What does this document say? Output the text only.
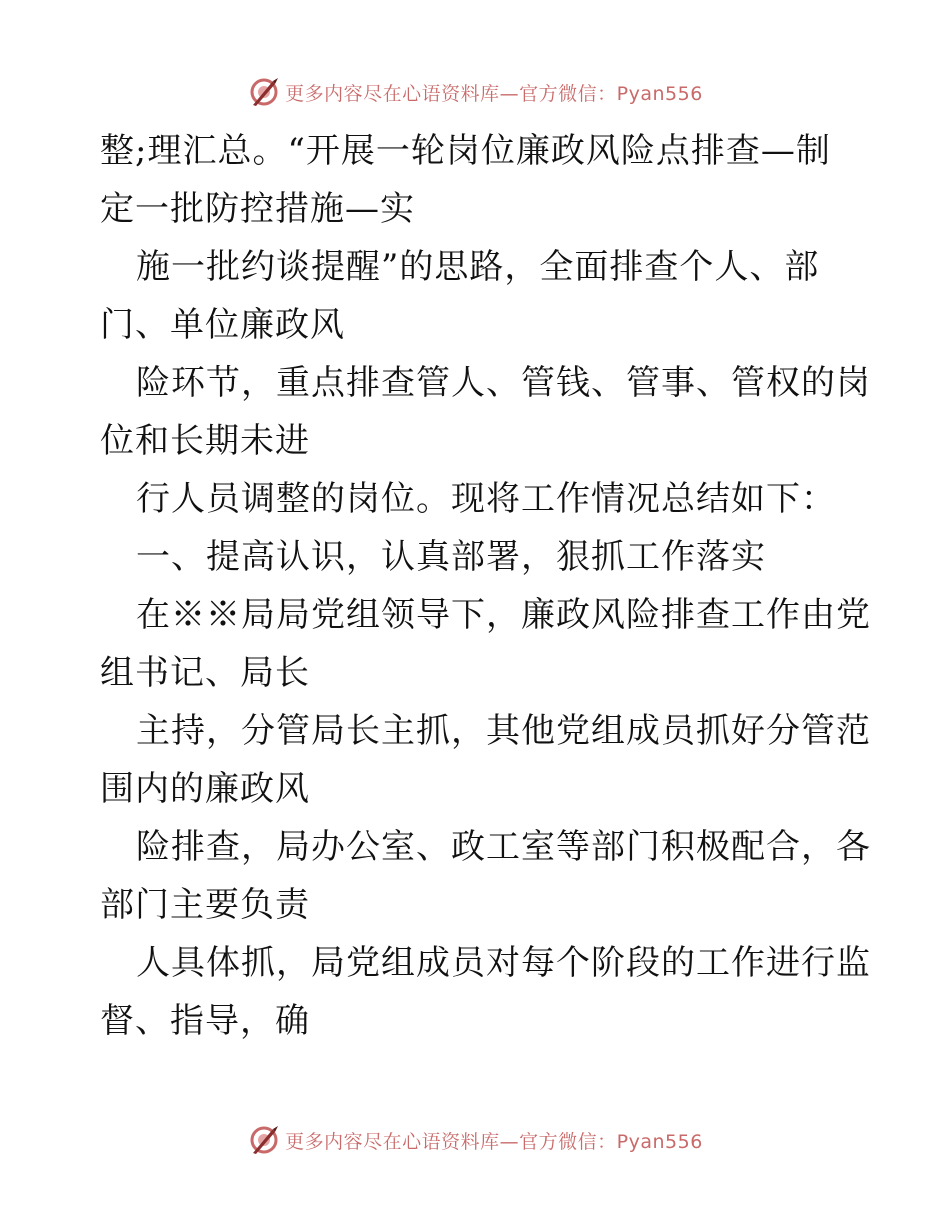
更多内容尽在心语资料库—官方微信：Pyan556
整;理汇总。“开展一轮岗位廉政风险点排查—制
定一批防控措施—实
施一批约谈提醒”的思路，全面排查个人、部
门、单位廉政风
险环节，重点排查管人、管钱、管事、管权的岗
位和长期未进
行人员调整的岗位。现将工作情况总结如下：
一、提高认识，认真部署，狠抓工作落实
在※※局局党组领导下，廉政风险排查工作由党
组书记、局长
主持，分管局长主抓，其他党组成员抓好分管范
围内的廉政风
险排查，局办公室、政工室等部门积极配合，各
部门主要负责
人具体抓，局党组成员对每个阶段的工作进行监
督、指导，确
更多内容尽在心语资料库—官方微信：Pyan556
